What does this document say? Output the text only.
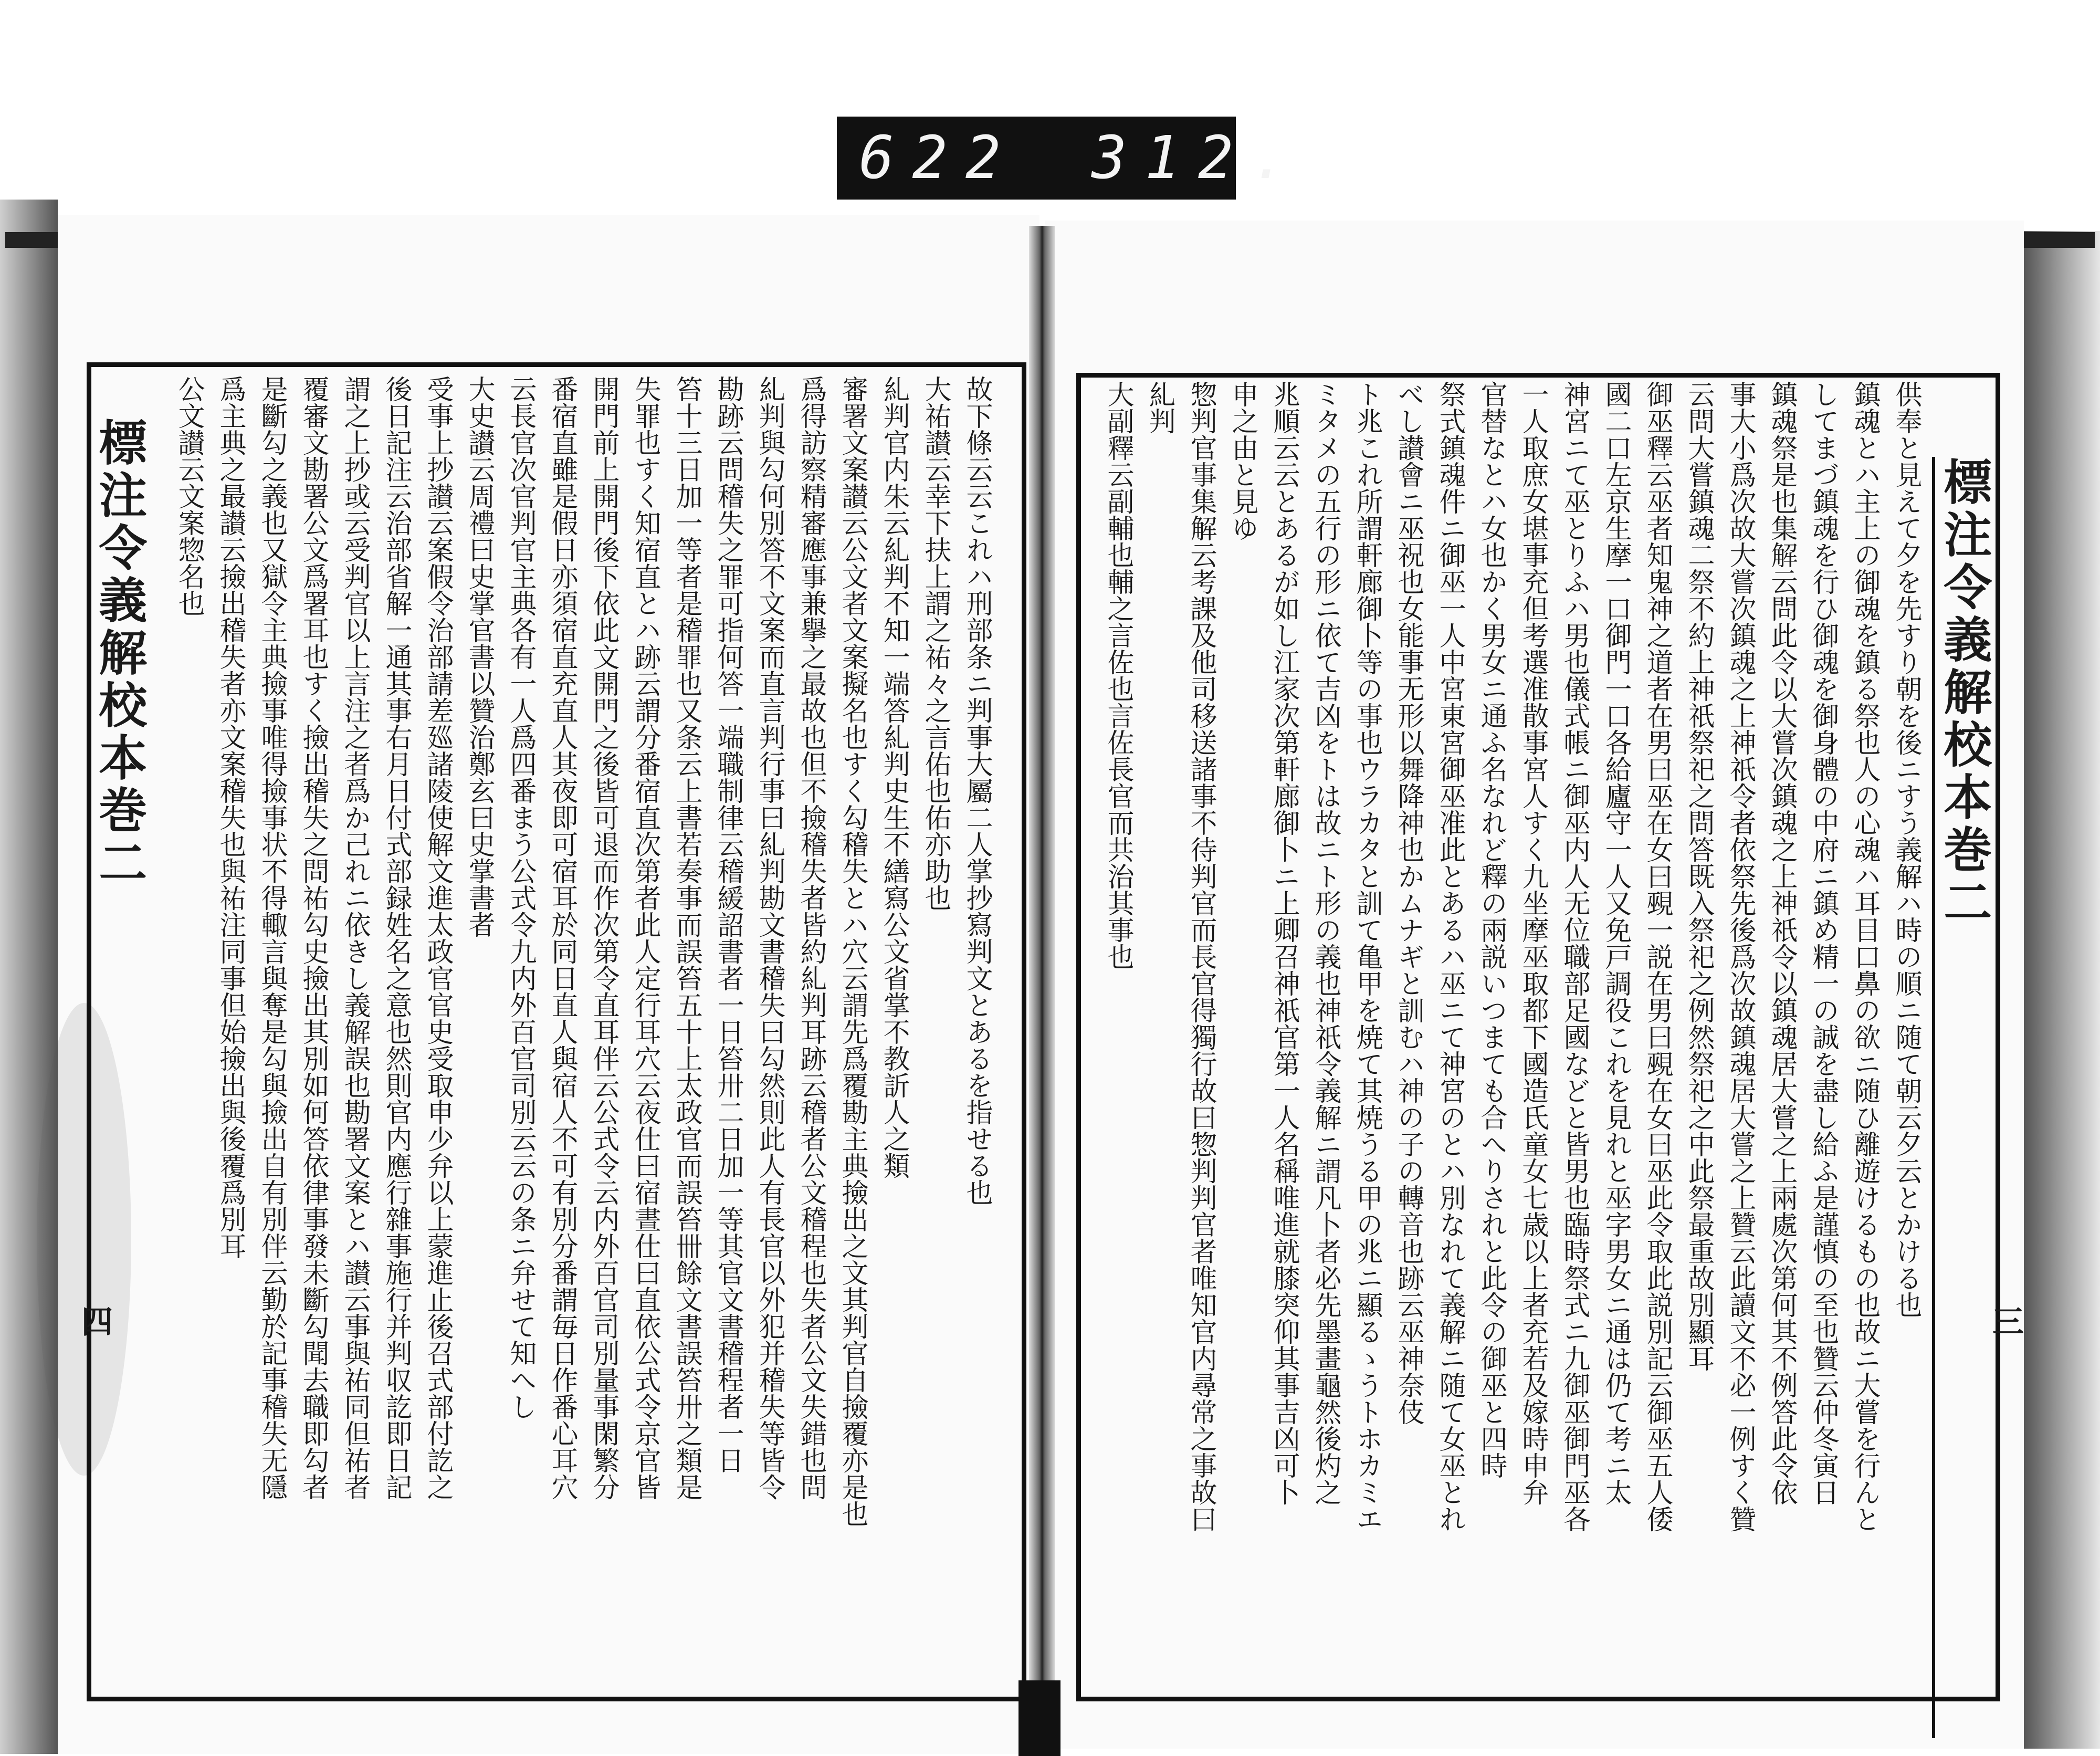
622 312.
標注令義解校本巻二	標注令義解校本巻二
四	三
故下條云云これハ刑部条ニ判事大屬二人掌抄寫判文とあるを指せる也
大祐讃云幸下扶上謂之祐々之言佑也佑亦助也
糺判官内朱云糺判不知一端答糺判史生不繕寫公文省掌不教訢人之類
審署文案讃云公文者文案擬名也すく勾稽失とハ穴云謂先爲覆勘主典撿出之文其判官自撿覆亦是也
爲得訪察精審應事兼擧之最故也但不撿稽失者皆約糺判耳跡云稽者公文稽程也失者公文失錯也問
糺判與勾何別答不文案而直言判行事曰糺判勘文書稽失曰勾然則此人有長官以外犯并稽失等皆令
勘跡云問稽失之罪可指何答一端職制律云稽緩詔書者一日笞卅二日加一等其官文書稽程者一日
笞十三日加一等者是稽罪也又条云上書若奏事而誤笞五十上太政官而誤笞卌餘文書誤笞卅之類是
失罪也すく知宿直とハ跡云謂分番宿直次第者此人定行耳穴云夜仕曰宿晝仕曰直依公式令京官皆
開門前上開門後下依此文開門之後皆可退而作次第令直耳伴云公式令云内外百官司別量事閑繁分
番宿直雖是假日亦須宿直充直人其夜即可宿耳於同日直人與宿人不可有別分番謂毎日作番心耳穴
云長官次官判官主典各有一人爲四番まう公式令九内外百官司別云云の条ニ弁せて知へし
大史讃云周禮曰史掌官書以贊治鄭玄曰史掌書者
受事上抄讃云案假令治部請差廵諸陵使解文進太政官官史受取申少弁以上蒙進止後召式部付訖之
後日記注云治部省解一通其事右月日付式部録姓名之意也然則官内應行雜事施行并判収訖即日記
謂之上抄或云受判官以上言注之者爲か己れニ依きし義解誤也勘署文案とハ讃云事與祐同但祐者
覆審文勘署公文爲署耳也すく撿出稽失之問祐勾史撿出其別如何答依律事發未斷勾聞去職即勾者
是斷勾之義也又獄令主典撿事唯得撿事状不得輙言與奪是勾與撿出自有別伴云勤於記事稽失无隱
爲主典之最讃云撿出稽失者亦文案稽失也與祐注同事但始撿出與後覆爲別耳
公文讃云文案惣名也	供奉と見えて夕を先すり朝を後ニすう義解ハ時の順ニ随て朝云夕云とかける也
鎮魂とハ主上の御魂を鎮る祭也人の心魂ハ耳目口鼻の欲ニ随ひ離遊けるもの也故ニ大嘗を行んと
してまづ鎮魂を行ひ御魂を御身體の中府ニ鎮め精一の誠を盡し給ふ是謹慎の至也贊云仲冬寅日
鎮魂祭是也集解云問此令以大嘗次鎮魂之上神祇令以鎮魂居大嘗之上兩處次第何其不例答此令依
事大小爲次故大嘗次鎮魂之上神祇令者依祭先後爲次故鎮魂居大嘗之上贊云此讀文不必一例すく贊
云問大嘗鎮魂二祭不約上神祇祭祀之問答既入祭祀之例然祭祀之中此祭最重故別顯耳
御巫釋云巫者知鬼神之道者在男曰巫在女曰覡一説在男曰覡在女曰巫此令取此説別記云御巫五人倭
國二口左京生摩一口御門一口各給廬守一人又免戸調役これを見れと巫字男女ニ通は仍て考ニ太
神宮ニて巫とりふハ男也儀式帳ニ御巫内人无位職部足國などと皆男也臨時祭式ニ九御巫御門巫各
一人取庶女堪事充但考選准散事宮人すく九坐摩巫取都下國造氏童女七歳以上者充若及嫁時申弁
官替なとハ女也かく男女ニ通ふ名なれど釋の兩説いつまても合へりされと此令の御巫と四時
祭式鎮魂件ニ御巫一人中宮東宮御巫准此とあるハ巫ニて神宮のとハ別なれて義解ニ随て女巫とれ
べし讃會ニ巫祝也女能事无形以舞降神也かムナギと訓むハ神の子の轉音也跡云巫神奈伎
ト兆これ所謂軒廊御卜等の事也ウラカタと訓て亀甲を焼て其焼うる甲の兆ニ顯るゝうトホカミエ
ミタメの五行の形ニ依て吉凶をトは故ニト形の義也神祇令義解ニ謂凡卜者必先墨畫龜然後灼之
兆順云云とあるが如し江家次第軒廊御卜ニ上卿召神祇官第一人名稱唯進就膝突仰其事吉凶可卜
申之由と見ゆ
惣判官事集解云考課及他司移送諸事不待判官而長官得獨行故曰惣判判官者唯知官内尋常之事故曰
糺判
大副釋云副輔也輔之言佐也言佐長官而共治其事也
